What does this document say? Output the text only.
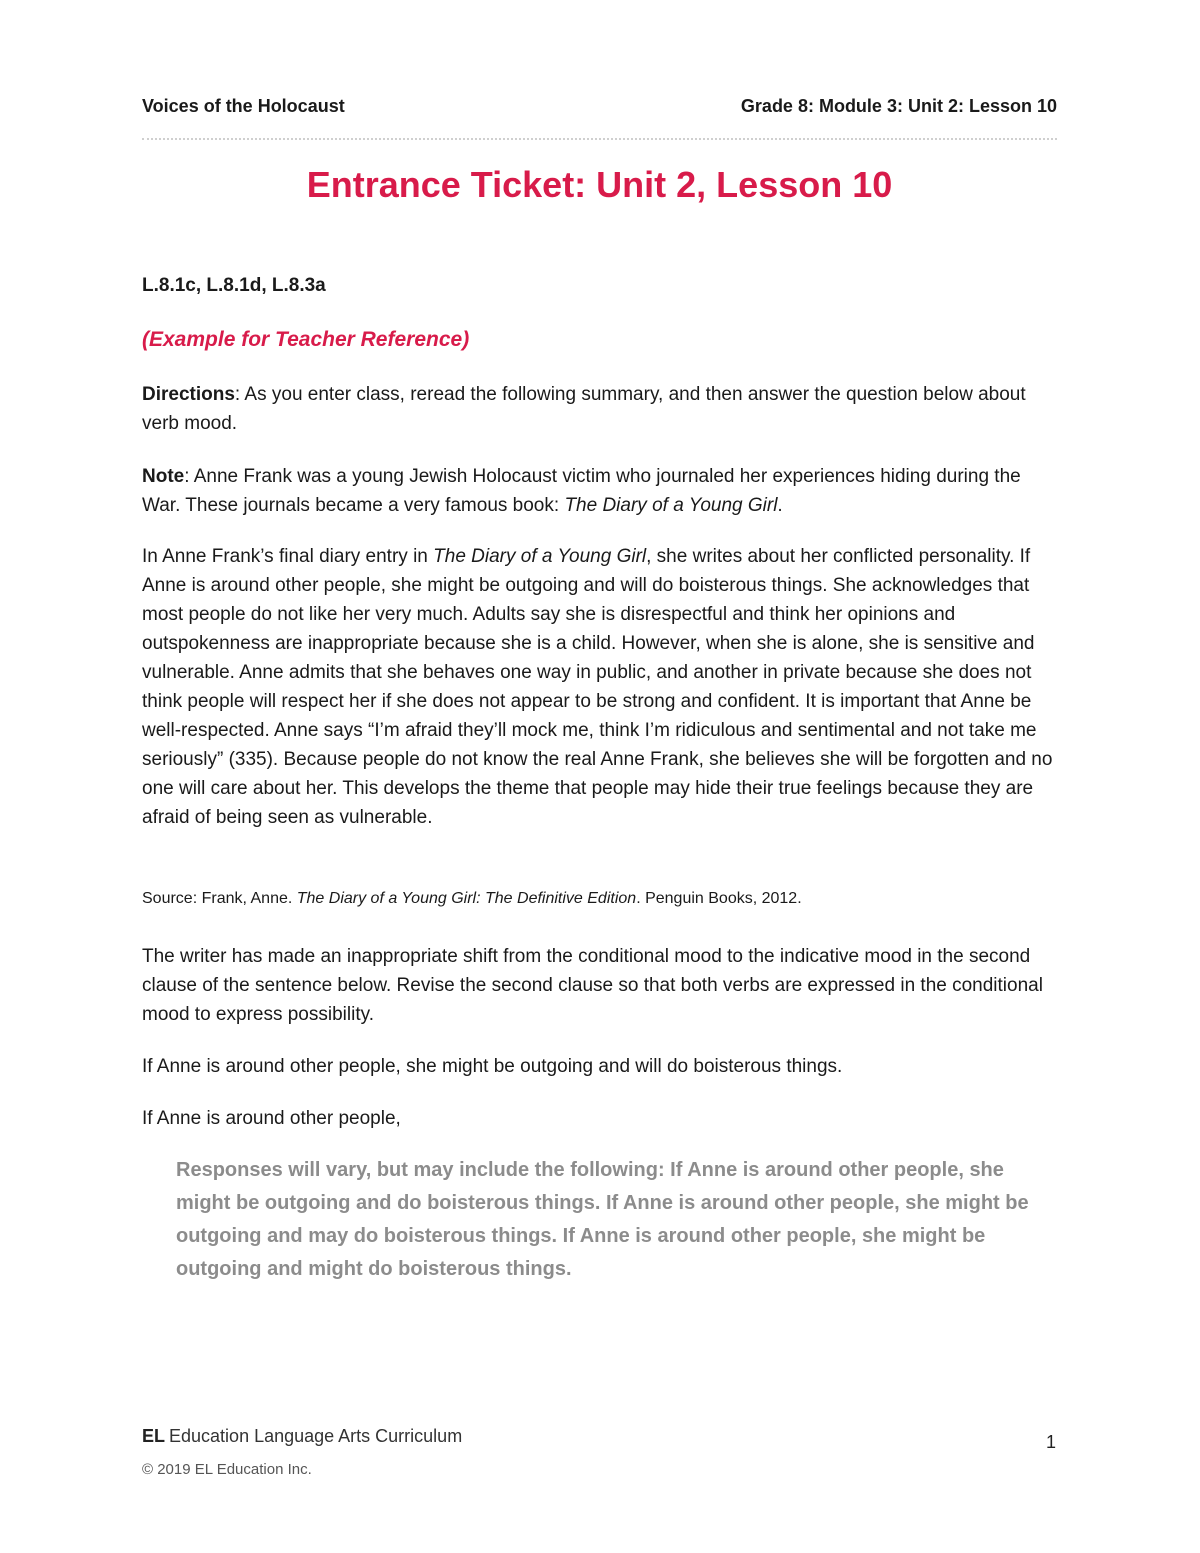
Voices of the Holocaust	Grade 8: Module 3: Unit 2: Lesson 10
Entrance Ticket: Unit 2, Lesson 10
L.8.1c, L.8.1d, L.8.3a
(Example for Teacher Reference)
Directions: As you enter class, reread the following summary, and then answer the question below about verb mood.
Note: Anne Frank was a young Jewish Holocaust victim who journaled her experiences hiding during the War. These journals became a very famous book: The Diary of a Young Girl.
In Anne Frank’s final diary entry in The Diary of a Young Girl, she writes about her conflicted personality. If Anne is around other people, she might be outgoing and will do boisterous things. She acknowledges that most people do not like her very much. Adults say she is disrespectful and think her opinions and outspokenness are inappropriate because she is a child. However, when she is alone, she is sensitive and vulnerable. Anne admits that she behaves one way in public, and another in private because she does not think people will respect her if she does not appear to be strong and confident. It is important that Anne be well-respected. Anne says “I’m afraid they’ll mock me, think I’m ridiculous and sentimental and not take me seriously” (335). Because people do not know the real Anne Frank, she believes she will be forgotten and no one will care about her. This develops the theme that people may hide their true feelings because they are afraid of being seen as vulnerable.
Source: Frank, Anne. The Diary of a Young Girl: The Definitive Edition. Penguin Books, 2012.
The writer has made an inappropriate shift from the conditional mood to the indicative mood in the second clause of the sentence below. Revise the second clause so that both verbs are expressed in the conditional mood to express possibility.
If Anne is around other people, she might be outgoing and will do boisterous things.
If Anne is around other people,
Responses will vary, but may include the following: If Anne is around other people, she might be outgoing and do boisterous things. If Anne is around other people, she might be outgoing and may do boisterous things. If Anne is around other people, she might be outgoing and might do boisterous things.
EL Education Language Arts Curriculum
© 2019 EL Education Inc.
1
